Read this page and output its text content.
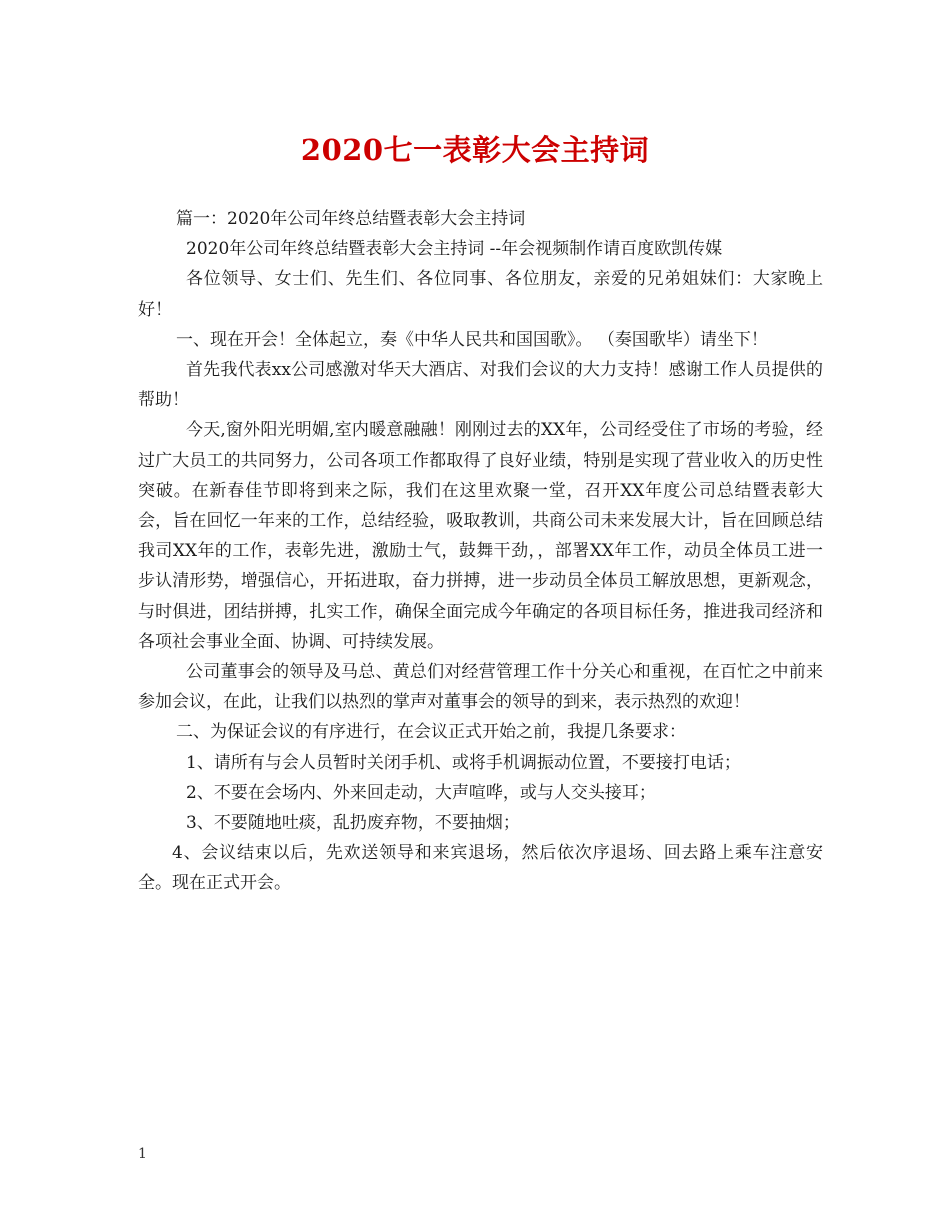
2020七一表彰大会主持词

篇一：2020年公司年终总结暨表彰大会主持词

2020年公司年终总结暨表彰大会主持词 --年会视频制作请百度欧凯传媒

各位领导、女士们、先生们、各位同事、各位朋友，亲爱的兄弟姐妹们：大家晚上好！

一、现在开会！全体起立，奏《中华人民共和国国歌》。 （奏国歌毕）请坐下！

首先我代表xx公司感激对华天大酒店、对我们会议的大力支持！感谢工作人员提供的帮助！

今天,窗外阳光明媚,室内暖意融融！刚刚过去的XX年，公司经受住了市场的考验，经过广大员工的共同努力，公司各项工作都取得了良好业绩，特别是实现了营业收入的历史性突破。在新春佳节即将到来之际，我们在这里欢聚一堂，召开XX年度公司总结暨表彰大会，旨在回忆一年来的工作，总结经验，吸取教训，共商公司未来发展大计，旨在回顾总结我司XX年的工作，表彰先进，激励士气，鼓舞干劲，，部署XX年工作，动员全体员工进一步认清形势，增强信心，开拓进取，奋力拼搏，进一步动员全体员工解放思想，更新观念，与时俱进，团结拼搏，扎实工作，确保全面完成今年确定的各项目标任务，推进我司经济和各项社会事业全面、协调、可持续发展。

公司董事会的领导及马总、黄总们对经营管理工作十分关心和重视，在百忙之中前来参加会议，在此，让我们以热烈的掌声对董事会的领导的到来，表示热烈的欢迎！

二、为保证会议的有序进行，在会议正式开始之前，我提几条要求：

1、请所有与会人员暂时关闭手机、或将手机调振动位置，不要接打电话；

2、不要在会场内、外来回走动，大声喧哗，或与人交头接耳；

3、不要随地吐痰，乱扔废弃物，不要抽烟；

4、会议结束以后，先欢送领导和来宾退场，然后依次序退场、回去路上乘车注意安全。现在正式开会。

1
